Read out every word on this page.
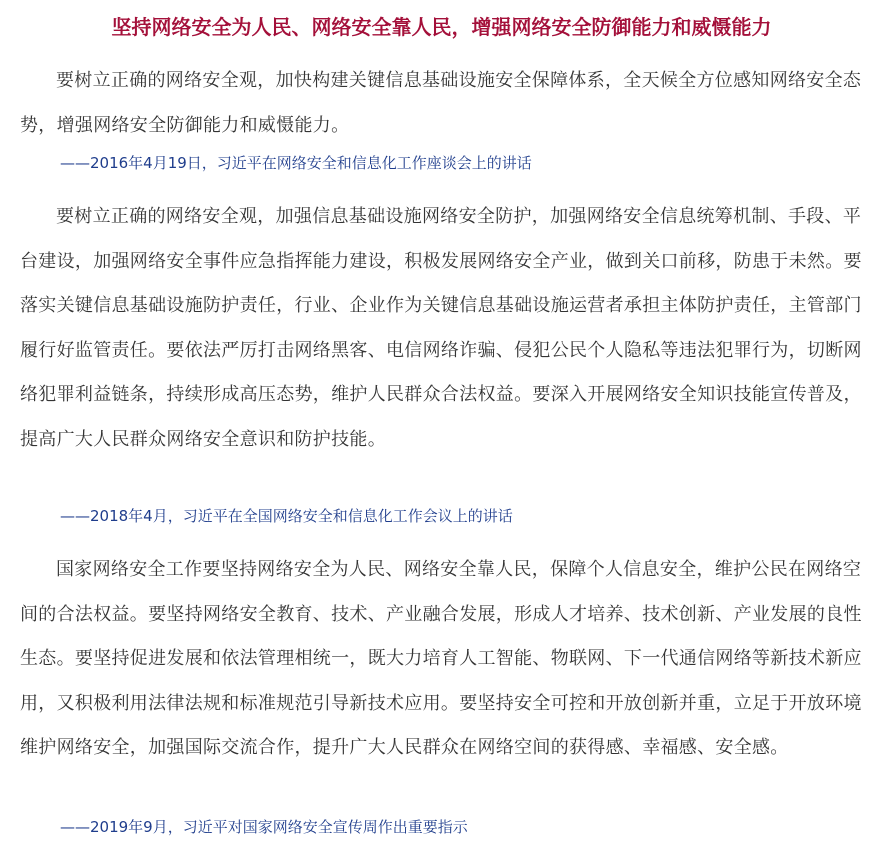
坚持网络安全为人民、网络安全靠人民，增强网络安全防御能力和威慑能力

要树立正确的网络安全观，加快构建关键信息基础设施安全保障体系，全天候全方位感知网络安全态势，增强网络安全防御能力和威慑能力。

——2016年4月19日，习近平在网络安全和信息化工作座谈会上的讲话

要树立正确的网络安全观，加强信息基础设施网络安全防护，加强网络安全信息统筹机制、手段、平台建设，加强网络安全事件应急指挥能力建设，积极发展网络安全产业，做到关口前移，防患于未然。要落实关键信息基础设施防护责任，行业、企业作为关键信息基础设施运营者承担主体防护责任，主管部门履行好监管责任。要依法严厉打击网络黑客、电信网络诈骗、侵犯公民个人隐私等违法犯罪行为，切断网络犯罪利益链条，持续形成高压态势，维护人民群众合法权益。要深入开展网络安全知识技能宣传普及，提高广大人民群众网络安全意识和防护技能。

——2018年4月，习近平在全国网络安全和信息化工作会议上的讲话

国家网络安全工作要坚持网络安全为人民、网络安全靠人民，保障个人信息安全，维护公民在网络空间的合法权益。要坚持网络安全教育、技术、产业融合发展，形成人才培养、技术创新、产业发展的良性生态。要坚持促进发展和依法管理相统一，既大力培育人工智能、物联网、下一代通信网络等新技术新应用，又积极利用法律法规和标准规范引导新技术应用。要坚持安全可控和开放创新并重，立足于开放环境维护网络安全，加强国际交流合作，提升广大人民群众在网络空间的获得感、幸福感、安全感。

——2019年9月，习近平对国家网络安全宣传周作出重要指示
